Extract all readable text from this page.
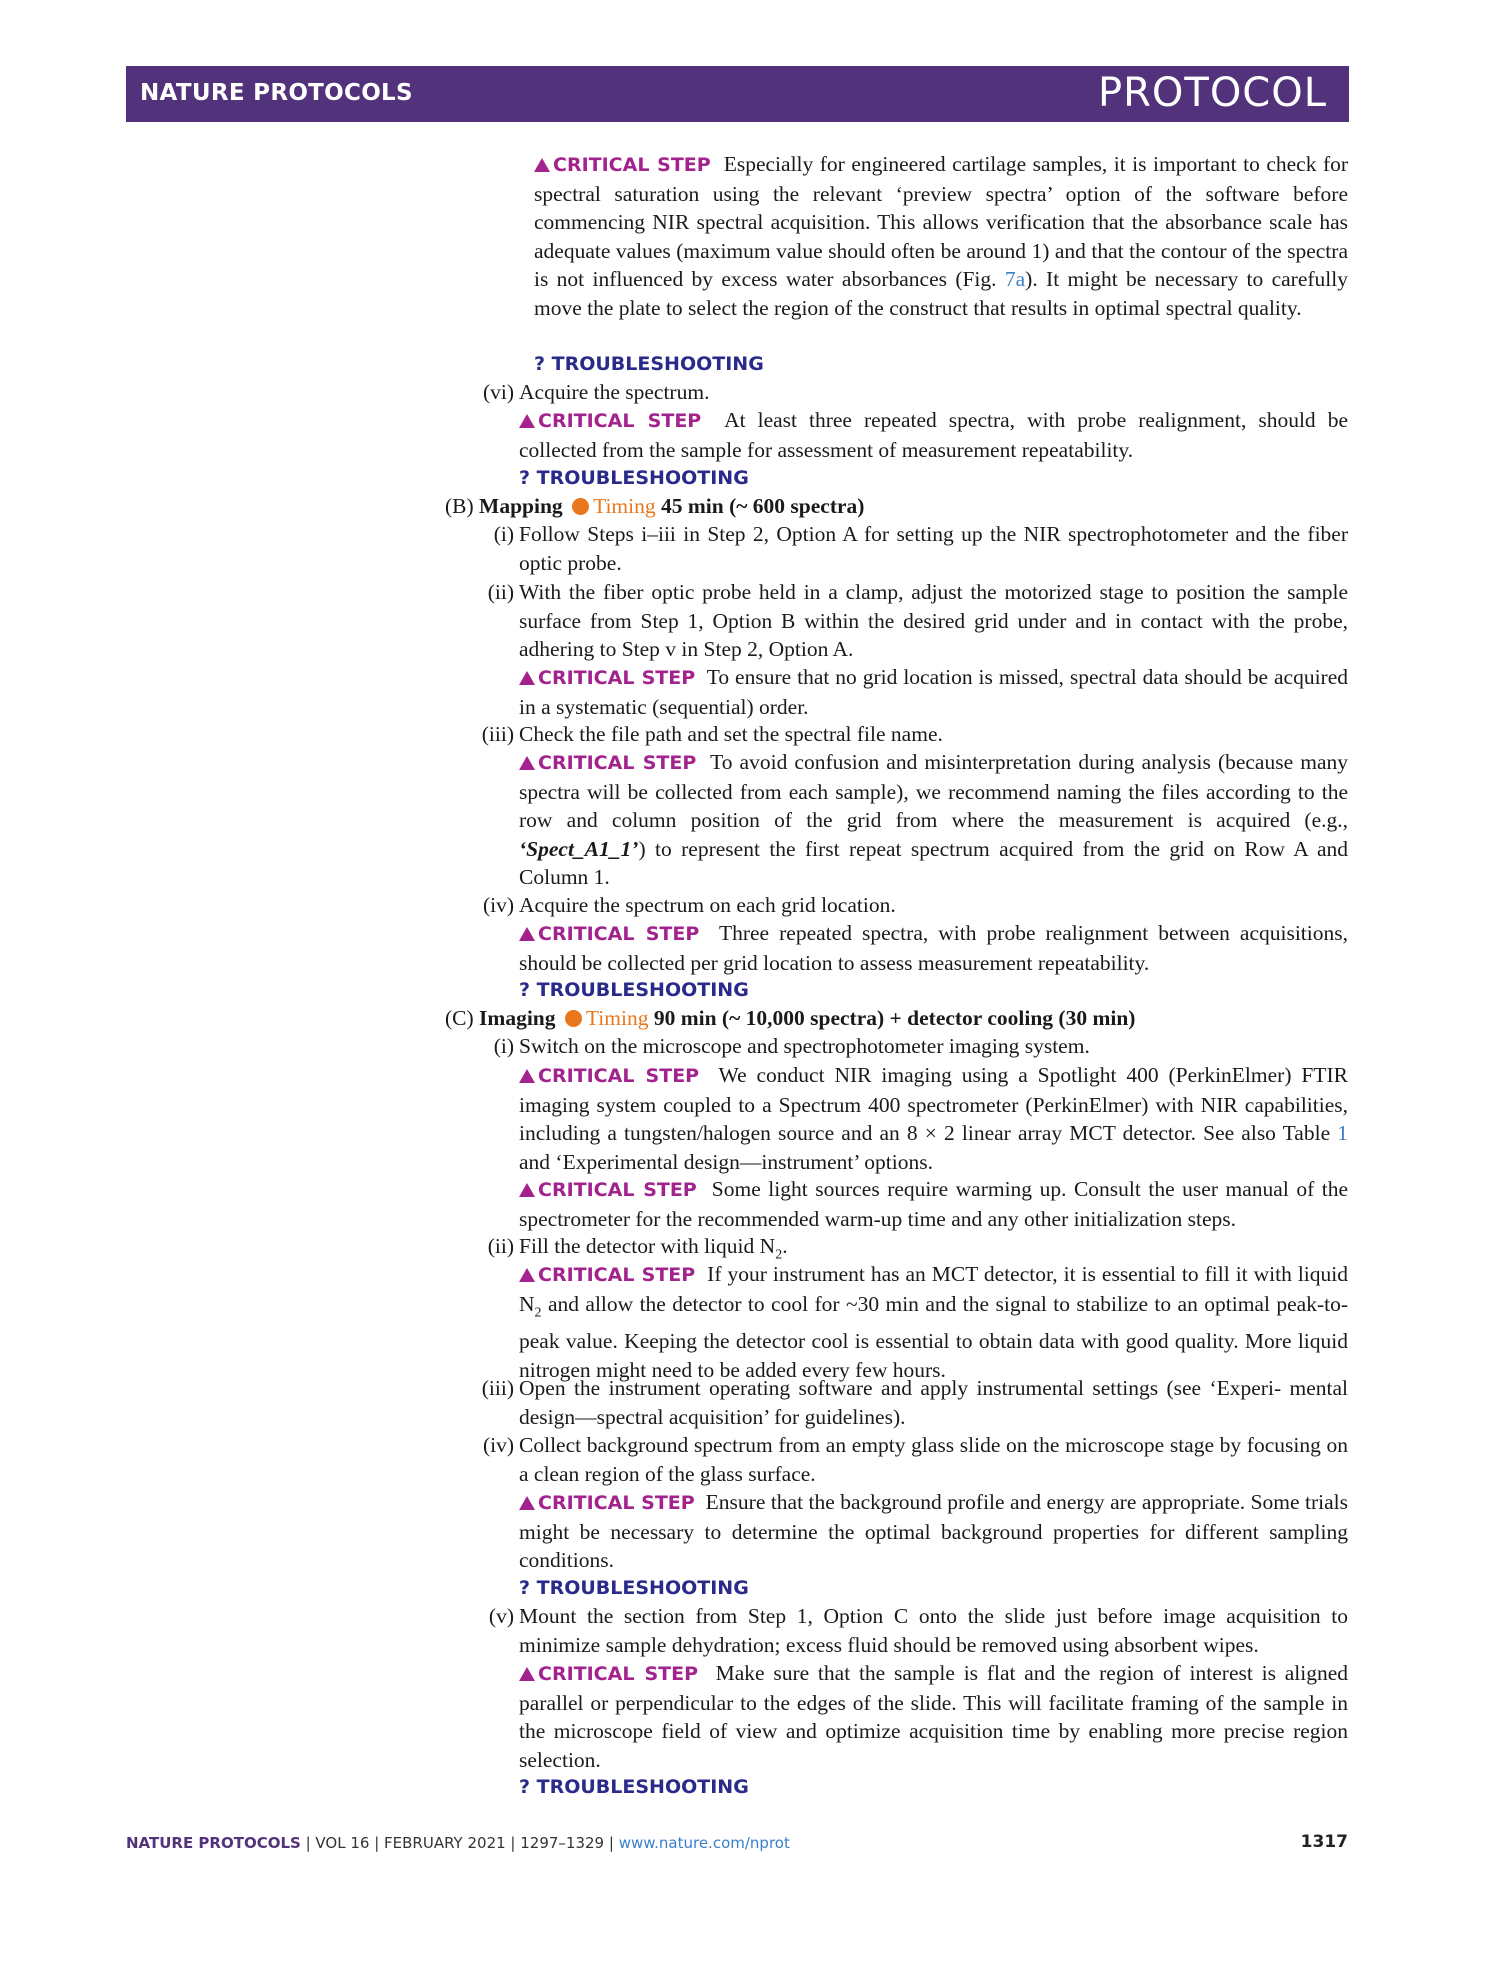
NATURE PROTOCOLS	PROTOCOL
CRITICAL STEP Especially for engineered cartilage samples, it is important to check for spectral saturation using the relevant ‘preview spectra’ option of the software before commencing NIR spectral acquisition. This allows verification that the absorbance scale has adequate values (maximum value should often be around 1) and that the contour of the spectra is not influenced by excess water absorbances (Fig. 7a). It might be necessary to carefully move the plate to select the region of the construct that results in optimal spectral quality.
? TROUBLESHOOTING
(vi) Acquire the spectrum.
CRITICAL STEP At least three repeated spectra, with probe realignment, should be collected from the sample for assessment of measurement repeatability.
? TROUBLESHOOTING
(B) Mapping Timing 45 min (~ 600 spectra)
(i) Follow Steps i–iii in Step 2, Option A for setting up the NIR spectrophotometer and the fiber optic probe.
(ii) With the fiber optic probe held in a clamp, adjust the motorized stage to position the sample surface from Step 1, Option B within the desired grid under and in contact with the probe, adhering to Step v in Step 2, Option A.
CRITICAL STEP To ensure that no grid location is missed, spectral data should be acquired in a systematic (sequential) order.
(iii) Check the file path and set the spectral file name.
CRITICAL STEP To avoid confusion and misinterpretation during analysis (because many spectra will be collected from each sample), we recommend naming the files according to the row and column position of the grid from where the measurement is acquired (e.g., ‘Spect_A1_1’) to represent the first repeat spectrum acquired from the grid on Row A and Column 1.
(iv) Acquire the spectrum on each grid location.
CRITICAL STEP Three repeated spectra, with probe realignment between acquisitions, should be collected per grid location to assess measurement repeatability.
? TROUBLESHOOTING
(C) Imaging Timing 90 min (~ 10,000 spectra) + detector cooling (30 min)
(i) Switch on the microscope and spectrophotometer imaging system.
CRITICAL STEP We conduct NIR imaging using a Spotlight 400 (PerkinElmer) FTIR imaging system coupled to a Spectrum 400 spectrometer (PerkinElmer) with NIR capabilities, including a tungsten/halogen source and an 8 × 2 linear array MCT detector. See also Table 1 and ‘Experimental design—instrument’ options.
CRITICAL STEP Some light sources require warming up. Consult the user manual of the spectrometer for the recommended warm-up time and any other initialization steps.
(ii) Fill the detector with liquid $N_2$.
CRITICAL STEP If your instrument has an MCT detector, it is essential to fill it with liquid $N_2$ and allow the detector to cool for ~30 min and the signal to stabilize to an optimal peak-to-peak value. Keeping the detector cool is essential to obtain data with good quality. More liquid nitrogen might need to be added every few hours.
(iii) Open the instrument operating software and apply instrumental settings (see ‘Experi- mental design—spectral acquisition’ for guidelines).
(iv) Collect background spectrum from an empty glass slide on the microscope stage by focusing on a clean region of the glass surface.
CRITICAL STEP Ensure that the background profile and energy are appropriate. Some trials might be necessary to determine the optimal background properties for different sampling conditions.
? TROUBLESHOOTING
(v) Mount the section from Step 1, Option C onto the slide just before image acquisition to minimize sample dehydration; excess fluid should be removed using absorbent wipes.
CRITICAL STEP Make sure that the sample is flat and the region of interest is aligned parallel or perpendicular to the edges of the slide. This will facilitate framing of the sample in the microscope field of view and optimize acquisition time by enabling more precise region selection.
? TROUBLESHOOTING
NATURE PROTOCOLS | VOL 16 | FEBRUARY 2021 | 1297–1329 | www.nature.com/nprot	1317
